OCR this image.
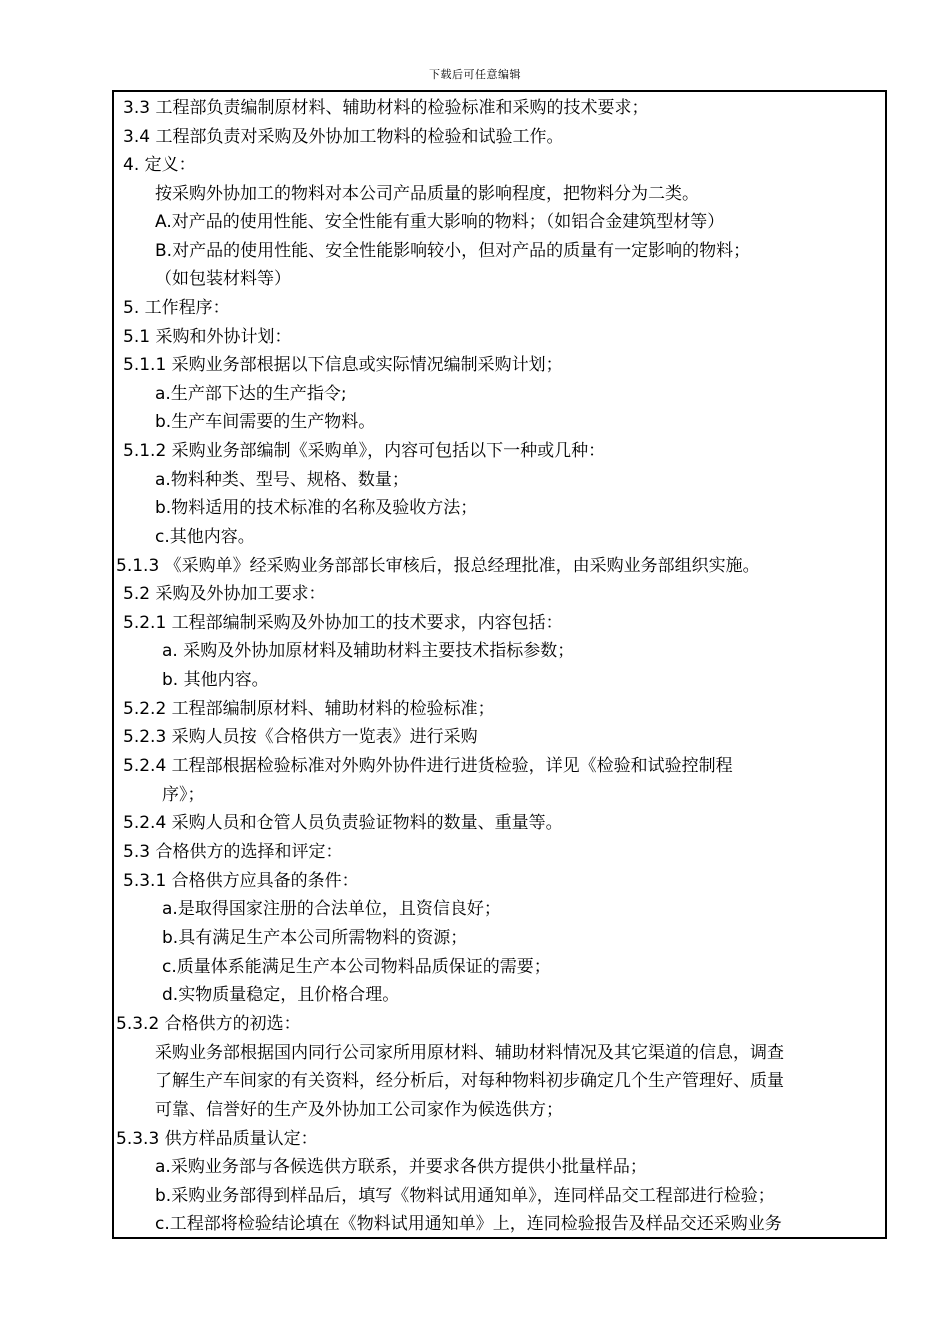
下载后可任意编辑
3.3 工程部负责编制原材料、辅助材料的检验标准和采购的技术要求；
3.4 工程部负责对采购及外协加工物料的检验和试验工作。
4. 定义：
按采购外协加工的物料对本公司产品质量的影响程度，把物料分为二类。
A.对产品的使用性能、安全性能有重大影响的物料；（如铝合金建筑型材等）
B.对产品的使用性能、安全性能影响较小，但对产品的质量有一定影响的物料；
（如包装材料等）
5. 工作程序：
5.1 采购和外协计划：
5.1.1 采购业务部根据以下信息或实际情况编制采购计划；
a.生产部下达的生产指令;
b.生产车间需要的生产物料。
5.1.2 采购业务部编制《采购单》，内容可包括以下一种或几种：
a.物料种类、型号、规格、数量；
b.物料适用的技术标准的名称及验收方法；
c.其他内容。
5.1.3 《采购单》经采购业务部部长审核后，报总经理批准，由采购业务部组织实施。
5.2 采购及外协加工要求：
5.2.1 工程部编制采购及外协加工的技术要求，内容包括：
a. 采购及外协加原材料及辅助材料主要技术指标参数；
b. 其他内容。
5.2.2 工程部编制原材料、辅助材料的检验标准；
5.2.3 采购人员按《合格供方一览表》进行采购
5.2.4 工程部根据检验标准对外购外协件进行进货检验，详见《检验和试验控制程
序》；
5.2.4 采购人员和仓管人员负责验证物料的数量、重量等。
5.3 合格供方的选择和评定：
5.3.1 合格供方应具备的条件：
a.是取得国家注册的合法单位，且资信良好；
b.具有满足生产本公司所需物料的资源；
c.质量体系能满足生产本公司物料品质保证的需要；
d.实物质量稳定，且价格合理。
5.3.2 合格供方的初选：
采购业务部根据国内同行公司家所用原材料、辅助材料情况及其它渠道的信息，调查
了解生产车间家的有关资料，经分析后，对每种物料初步确定几个生产管理好、质量
可靠、信誉好的生产及外协加工公司家作为候选供方；
5.3.3 供方样品质量认定：
a.采购业务部与各候选供方联系，并要求各供方提供小批量样品；
b.采购业务部得到样品后，填写《物料试用通知单》，连同样品交工程部进行检验；
c.工程部将检验结论填在《物料试用通知单》上，连同检验报告及样品交还采购业务
